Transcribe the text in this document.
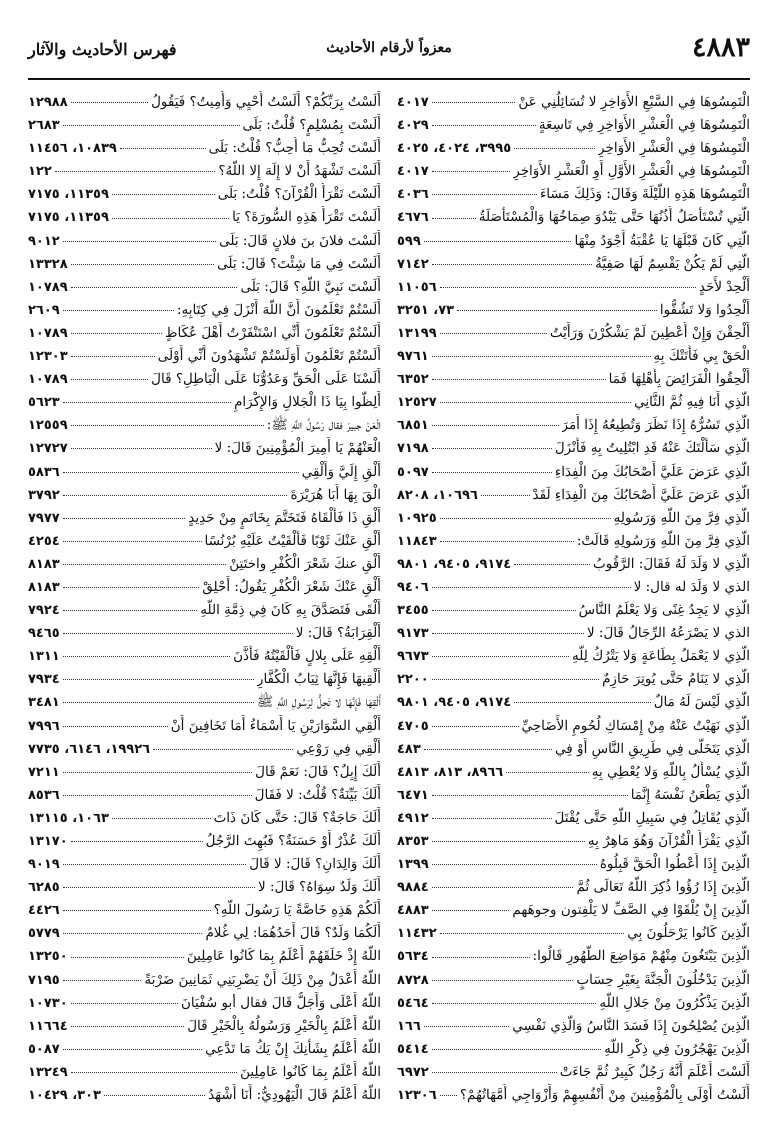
٤٨٨٣
معزواً لأرقام الأحاديث
فهرس الأحاديث والآثار
الْتَمِسُوهَا فِي السَّبْعِ الأَوَاخِرِ لا تُسَائِلُنِي عَنْ
٤٠١٧
الْتَمِسُوهَا فِي الْعَشْرِ الأَوَاخِرِ فِي تَاسِعَةٍ
٤٠٢٩
الْتَمِسُوهَا فِي الْعَشْرِ الأَوَاخِرِ
٣٩٩٥، ٤٠٢٤، ٤٠٢٥
الْتَمِسُوهَا فِي الْعَشْرِ الأَوَّلِ أَوِ الْعَشْرِ الأَوَاخِرِ
٤٠١٧
الْتَمِسُوهَا هَذِهِ اللَّيْلَةَ وَقَالَ: وَذَلِكَ مَسَاءَ
٤٠٣٦
الَّتِي تُسْتَأْصَلُ أُذُنُهَا حَتَّى يَبْدُوَ صِمَاخُهَا وَالْمُسْتَأْصَلَةُ
٤٦٧٦
الَّتِي كَانَ قَبْلَهَا يَا عُقْبَةُ أَجْوَدُ مِنْهَا
٥٩٩
الَّتِي لَمْ يَكُنْ يَقْسِمُ لَهَا صَفِيَّةُ
٧١٤٢
أَلْحِدْ لأَحَدٍ
١١٠٥٦
أَلْحِدُوا وَلا تَشُقُّوا
٧٣، ٣٢٥١
أَلْحِقْنَ وَإِنْ أُعْطِينَ لَمْ يَشْكُرْنَ وَرَأَيْتُ
١٣١٩٩
الْحَقْ بِي فَأَتَتْكَ بِهِ
٩٧٦١
أَلْحِقُوا الْفَرَائِضَ بِأَهْلِهَا فَمَا
٦٣٥٢
الَّذِي أَنَا فِيهِ ثُمَّ الثَّانِي
١٢٥٢٧
الَّذِي تَسُرُّهُ إِذَا نَظَرَ وَتُطِيعُهُ إِذَا أَمَرَ
٦٨٥١
الَّذِي سَأَلْتَكَ عَنْهُ قَدِ ابْتُلِيتُ بِهِ فَأَنْزَلَ
٧١٩٨
الَّذِي عَرَضَ عَلَيَّ أَصْحَابُكَ مِنَ الْفِدَاءِ
٥٠٩٧
الَّذِي عَرَضَ عَلَيَّ أَصْحَابُكَ مِنَ الْفِدَاءِ لَقَدْ
١٠٦٩٦، ٨٢٠٨
الَّذِي فِرَّ مِنَ اللَّهِ وَرَسُولِهِ
١٠٩٢٥
الَّذِي فِرَّ مِنَ اللَّهِ وَرَسُولِهِ قَالَتْ:
١١٨٤٣
الَّذِي لا وَلَدَ لَهُ فَقَالَ: الرَّقُوبُ
٩١٧٤، ٩٤٠٥، ٩٨٠١
الذي لا وَلَدَ له قال: لا
٩٤٠٦
الَّذِي لا يَجِدُ غِنًى وَلا يَعْلَمُ النَّاسُ
٣٤٥٥
الذي لا يَصْرَعُهُ الرِّجَالُ قَالَ: لا
٩١٧٣
الَّذِي لا يَعْمَلُ بِطَاعَةٍ وَلا يَتْرُكُ لِلَّهِ
٩٦٧٣
الَّذِي لا يَنَامُ حَتَّى يُوتِرَ حَازِمٌ
٢٢٠٠
الَّذِي لَيْسَ لَهُ مَالٌ
٩١٧٤، ٩٤٠٥، ٩٨٠١
الَّذِي نَهَيْتُ عَنْهُ مِنْ إِمْسَاكِ لُحُومِ الأَضَاحِيِّ
٤٧٠٥
الَّذِي يَتَخَلَّى فِي طَرِيقِ النَّاسِ أَوْ فِي
٤٨٣
الَّذِي يُسْأَلُ بِاللَّهِ وَلا يُعْطِي بِهِ
٨٩٦٦، ٨١٣، ٤٨١٣
الَّذِي يَطْعَنُ نَفْسَهُ إِنَّمَا
٦٤٧١
الَّذِي يُقَاتِلُ فِي سَبِيلِ اللَّهِ حَتَّى يُقْتَلَ
٤٩١٢
الَّذِي يَقْرَأُ الْقُرْآنَ وَهُوَ مَاهِرٌ بِهِ
٨٣٥٣
الَّذِينَ إِذَا أُعْطُوا الْحَقَّ قَبِلُوهُ
١٣٩٩
الَّذِينَ إِذَا رُؤُوا ذُكِرَ اللَّهُ تَعَالَى ثُمَّ
٩٨٨٤
الَّذِينَ إِنْ يُلْقَوْا فِي الصَّفِّ لا يَلْفِتون وجوهَهم
٤٨٨٣
الَّذِينَ كَانُوا يَرْحَلُونَ بِي
١١٤٣٢
الَّذِينَ يَبْتَغُونَ مِنْهُمْ مَوَاضِعَ الطَّهُورِ قَالُوا:
٥٦٣٤
الَّذِينَ يَدْخُلُونَ الْجَنَّةَ بِغَيْرِ حِسَابٍ
٨٧٢٨
الَّذِينَ يَذْكُرُونَ مِنْ جَلالِ اللَّهِ
٥٤٦٤
الَّذِينَ يُصْلِحُونَ إِذَا فَسَدَ النَّاسُ وَالَّذِي نَفْسِي
١٦٦
الَّذِينَ يَهْجُرُونَ فِي ذِكْرِ اللَّهِ
٥٤١٤
أَلَسْتَ أَعْلَمَ أَنَّهُ رَجُلٌ كَبِيرٌ ثُمَّ جَاءَتْ
٦٩٧٢
أَلَسْتُ أَوْلَى بِالْمُؤْمِنِينَ مِنْ أَنْفُسِهِمْ وَأَزْوَاجِي أُمَّهَاتُهُمْ؟
١٢٣٠٦
أَلَسْتُ بِرَبِّكُمْ؟ أَلَسْتُ أُحْيِي وَأُمِيتُ؟ فَيَقُولُ
١٢٩٨٨
أَلَسْتَ بِمُسْلِمٍ؟ قُلْتُ: بَلَى
٢٦٨٣
أَلَسْتَ تُحِبُّ مَا أُحِبُّ؟ قُلْتُ: بَلَى
١٠٨٣٩، ١١٤٥٦
أَلَسْتَ تَشْهَدُ أَنْ لا إِلَهَ إِلا اللَّهُ؟
١٢٢
أَلَسْتَ تَقْرَأُ الْقُرْآنَ؟ قُلْتُ: بَلَى
١١٣٥٩، ٧١٧٥
أَلَسْتَ تَقْرَأُ هَذِهِ السُّورَةَ؟ يَا
١١٣٥٩، ٧١٧٥
أَلَسْتَ فلانَ بنَ فلانٍ قَالَ: بَلَى
٩٠١٢
أَلَسْتَ فِي مَا شِئْتَ؟ قَالَ: بَلَى
١٣٣٢٨
أَلَسْتَ نَبِيَّ اللَّهِ؟ قَالَ: بَلَى
١٠٧٨٩
أَلَسْتُمْ تَعْلَمُونَ أَنَّ اللَّهَ أَنْزَلَ فِي كِتَابِهِ:
٢٦٠٩
أَلَسْتُمْ تَعْلَمُونَ أَنِّي اسْتَنْفَرْتُ أَهْلَ عُكَاظٍ
١٠٧٨٩
أَلَسْتُمْ تَعْلَمُونَ أَوَلَسْتُمْ تَشْهَدُونَ أَنِّي أَوْلَى
١٢٣٠٣
أَلَسْنَا عَلَى الْحَقِّ وَعَدُوُّنَا عَلَى الْبَاطِلِ؟ قَالَ
١٠٧٨٩
أَلِظُّوا بِيَا ذَا الْجَلالِ وَالإِكْرَامِ
٥٦٢٣
الْعَنْ جبيرَ فقال رَسُولُ اللَّهِ ﷺ:
١٢٥٥٩
الْعَنْهُمْ يَا أَمِيرَ الْمُؤْمِنِينَ قَالَ: لا
١٢٧٢٧
أَلْقِ إِلَيَّ وَأَلْقِي
٥٨٣٦
الْقَ بِهَا أَبَا هُرَيْرَةَ
٣٧٩٢
أَلْقِ ذَا فَأَلْقَاهُ فَتَخَتَّمَ بِخَاتَمٍ مِنْ حَدِيدٍ
٧٩٧٧
أَلْقِ عَنْكَ ثَوْبًا فَأَلْقَيْتُ عَلَيْهِ بُرْنُسًا
٤٢٥٤
أَلْقِ عنكَ شَعْرَ الْكُفْرِ واختَتِنْ
٨١٨٣
أَلْقِ عَنْكَ شَعْرَ الْكُفْرِ يَقُولُ: أَحْلِقْ
٨١٨٣
أَلْقَى فَتَصَدَّقَ بِهِ كَانَ فِي ذِمَّةِ اللَّهِ
٧٩٢٤
أَلْقِرَابَةُ؟ قَالَ: لا
٩٤٦٥
أَلْقِهِ عَلَى بِلالٍ فَأَلْقَيْتُهُ فَأَذَّنَ
١٣١١
أَلْقِيهَا فَإِنَّهَا ثِيَابُ الْكُفَّارِ
٧٩٣٤
أَلْقِهَا فَإِنَّهَا لا تَحِلُّ لِرَسُولِ اللَّهِ ﷺ
٣٤٨١
أَلْقِي السَّوَارَيْنِ يَا أَسْمَاءُ أَمَا تَخَافِينَ أَنْ
٧٩٩٦
أَلْقِي فِي رَوْعِي
١٩٩٢٦، ٦١٤٦، ٧٧٣٥
أَلَكَ إِبِلٌ؟ قَالَ: نَعَمْ قَالَ
٧٢١١
أَلَكَ بَيِّنَةٌ؟ قُلْتُ: لا فَقَالَ
٨٥٣٦
أَلَكَ حَاجَةٌ؟ قَالَ: حَتَّى كَانَ ذَاتَ
١٠٦٣، ١٣١١٥
أَلَكَ عُذْرٌ أَوْ حَسَنَةٌ؟ فَبُهِتَ الرَّجُلُ
١٣١٧٠
أَلَكَ وَالِدَانِ؟ قَالَ: لا قَالَ
٩٠١٩
أَلَكَ وَلَدٌ سِوَاهُ؟ قَالَ: لا
٦٢٨٥
أَلَكُمْ هَذِهِ خَاصَّةً يَا رَسُولَ اللَّهِ؟
٤٤٢٦
أَلَكُمَا وَلَدٌ؟ قَالَ أَحَدُهُمَا: لِي غُلامٌ
٥٧٧٩
اللَّهُ إِذْ خَلَقَهُمْ أَعْلَمُ بِمَا كَانُوا عَامِلِينَ
١٣٢٥٠
اللَّهُ أَعْدَلُ مِنْ ذَلِكَ أَنْ يَضْرِبَنِي ثَمَانِينَ ضَرْبَةً
٧١٩٥
اللَّهُ أَعْلَى وَأَجَلُّ قَالَ فقال أبو سُفْيَانَ
١٠٧٣٠
اللَّهُ أَعْلَمُ بِالْخَيْرِ وَرَسُولُهُ بِالْخَيْرِ قَالَ
١١٦٦٤
اللَّهُ أَعْلَمُ بِشَأْنِكَ إِنْ يَكُ مَا تَدَّعِي
٥٠٨٧
اللَّهُ أَعْلَمُ بِمَا كَانُوا عَامِلِينَ
١٣٢٤٩
اللَّهُ أَعْلَمُ قَالَ الْيَهُودِيُّ: أَنَا أَشْهَدُ
٣٠٣، ١٠٤٢٩
